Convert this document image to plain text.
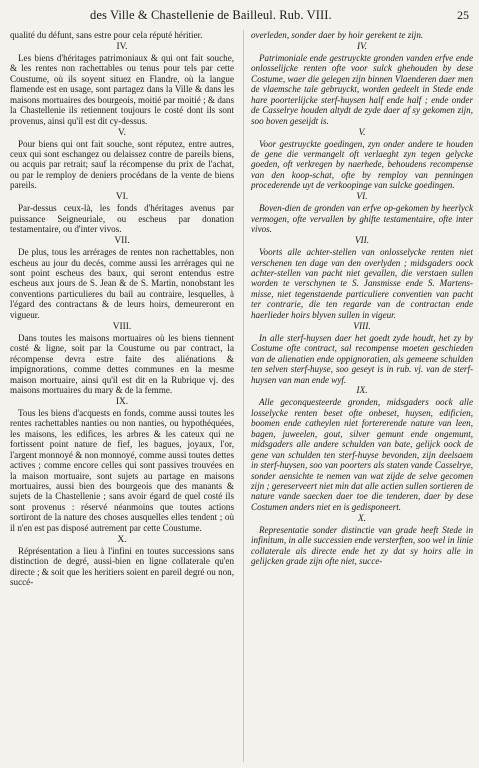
des Ville & Chastellenie de Bailleul. Rub. VIII.	25

qualité du défunt, sans estre pour cela réputé héritier.

IV.

Les biens d'héritages patrimoniaux & qui ont fait souche, & les rentes non rachettables ou tenus pour tels par cette Coustume, où ils soyent situez en Flandre, où la langue flamende est en usage, sont partagez dans la Ville & dans les maisons mortuaires des bourgeois, moitié par moitié ; & dans la Chastellenie ils retiennent toujours le costé dont ils sont provenus, ainsi qu'il est dit cy-dessus.

V.

Pour biens qui ont fait souche, sont réputez, entre autres, ceux qui sont eschangez ou delaissez contre de pareils biens, ou acquis par retrait; sauf la récompense du prix de l'achat, ou par le remploy de deniers procédans de la vente de biens pareils.

VI.

Par-dessus ceux-là, les fonds d'héritages avenus par puissance Seigneuriale, ou escheus par donation testamentaire, ou d'inter vivos.

VII.

De plus, tous les arrérages de rentes non rachettables, non escheus au jour du decés, comme aussi les arrérages qui ne sont point escheus des baux, qui seront entendus estre escheus aux jours de S. Jean & de S. Martin, nonobstant les conventions particulieres du bail au contraire, lesquelles, à l'égard des contractans & de leurs hoirs, demeureront en vigueur.

VIII.

Dans toutes les maisons mortuaires où les biens tiennent costé & ligne, soit par la Coustume ou par contract, la récompense devra estre faite des aliénations & impignorations, comme dettes communes en la mesme maison mortuaire, ainsi qu'il est dit en la Rubrique vj. des maisons mortuaires du mary & de la femme.

IX.

Tous les biens d'acquests en fonds, comme aussi toutes les rentes rachettables nanties ou non nanties, ou hypothéquées, les maisons, les edifices, les arbres & les cateux qui ne fortissent point nature de fief, les bagues, joyaux, l'or, l'argent monnoyé & non monnoyé, comme aussi toutes dettes actives ; comme encore celles qui sont passives trouvées en la maison mortuaire, sont sujets au partage en maisons mortuaires, aussi bien des bourgeois que des manants & sujets de la Chastellenie ; sans avoir égard de quel costé ils sont provenus : réservé néanmoins que toutes actions sortiront de la nature des choses ausquelles elles tendent ; où il n'en est pas disposé autrement par cette Coustume.

X.

Réprésentation a lieu à l'infini en toutes successions sans distinction de degré, aussi-bien en ligne collaterale qu'en directe ; & soit que les heritiers soient en pareil degré ou non, succé-

overleden, sonder daer by hoir gerekent te zijn.

IV.

Patrimoniale ende gestruyckte gronden vanden erfve ende onlosselijcke renten ofte voor sulck ghehouden by dese Costume, waer die gelegen zijn binnen Vlaenderen daer men de vlaemsche tale gebruyckt, worden gedeelt in Stede ende hare poorterlijcke sterf-huysen half ende half ; ende onder de Casselrye houden altydt de zyde daer af sy gekomen zijn, soo boven geseijdt is.

V.

Voor gestruyckte goedingen, zyn onder andere te houden de gene die vermangelt oft verlaeght zyn tegen gelycke goeden, oft verkregen by naerhede, behoudens recompense van den koop-schat, ofte by remploy van penningen procederende uyt de verkoopinge van sulcke goedingen.

VI.

Boven-dien de gronden van erfve op-gekomen by heerlyck vermogen, ofte vervallen by ghifte testamentaire, ofte inter vivos.

VII.

Voorts alle achter-stellen van onlosselycke renten niet verschenen ten dage van den overlyden ; midsgaders oock achter-stellen van pacht niet gevallen, die verstaen sullen worden te verschynen te S. Jansmisse ende S. Martens-misse, niet tegenstaende particuliere conventien van pacht ter contrarie, die ten regarde van de contractan ende haerlieder hoirs blyven sullen in vigeur.

VIII.

In alle sterf-huysen daer het goedt zyde houdt, het zy by Costume ofte contract, sal recompense moeten geschieden van de alienatien ende oppignoratien, als gemeene schulden ten selven sterf-huyse, soo geseyt is in rub. vj. van de sterf-huysen van man ende wyf.

IX.

Alle geconquesteerde gronden, midsgaders oock alle losselycke renten beset ofte onbeset, huysen, edificien, boomen ende catheylen niet fortererende nature van leen, bagen, juweelen, gout, silver gemunt ende ongemunt, midsgaders alle andere schulden van bate, gelijck oock de gene van schulden ten sterf-huyse bevonden, zijn deelsaem in sterf-huysen, soo van poorters als staten vande Casselrye, sonder aensichte te nemen van wat zijde de selve gecomen zijn ; gereserveert niet min dat alle actien sullen sortieren de nature vande saecken daer toe die tenderen, daer by dese Costumen anders niet en is gedisponeert.

X.

Representatie sonder distinctie van grade heeft Stede in infinitum, in alle successien ende versterften, soo wel in linie collaterale als directe ende het zy dat sy hoirs alle in gelijcken grade zijn ofte niet, succe-
